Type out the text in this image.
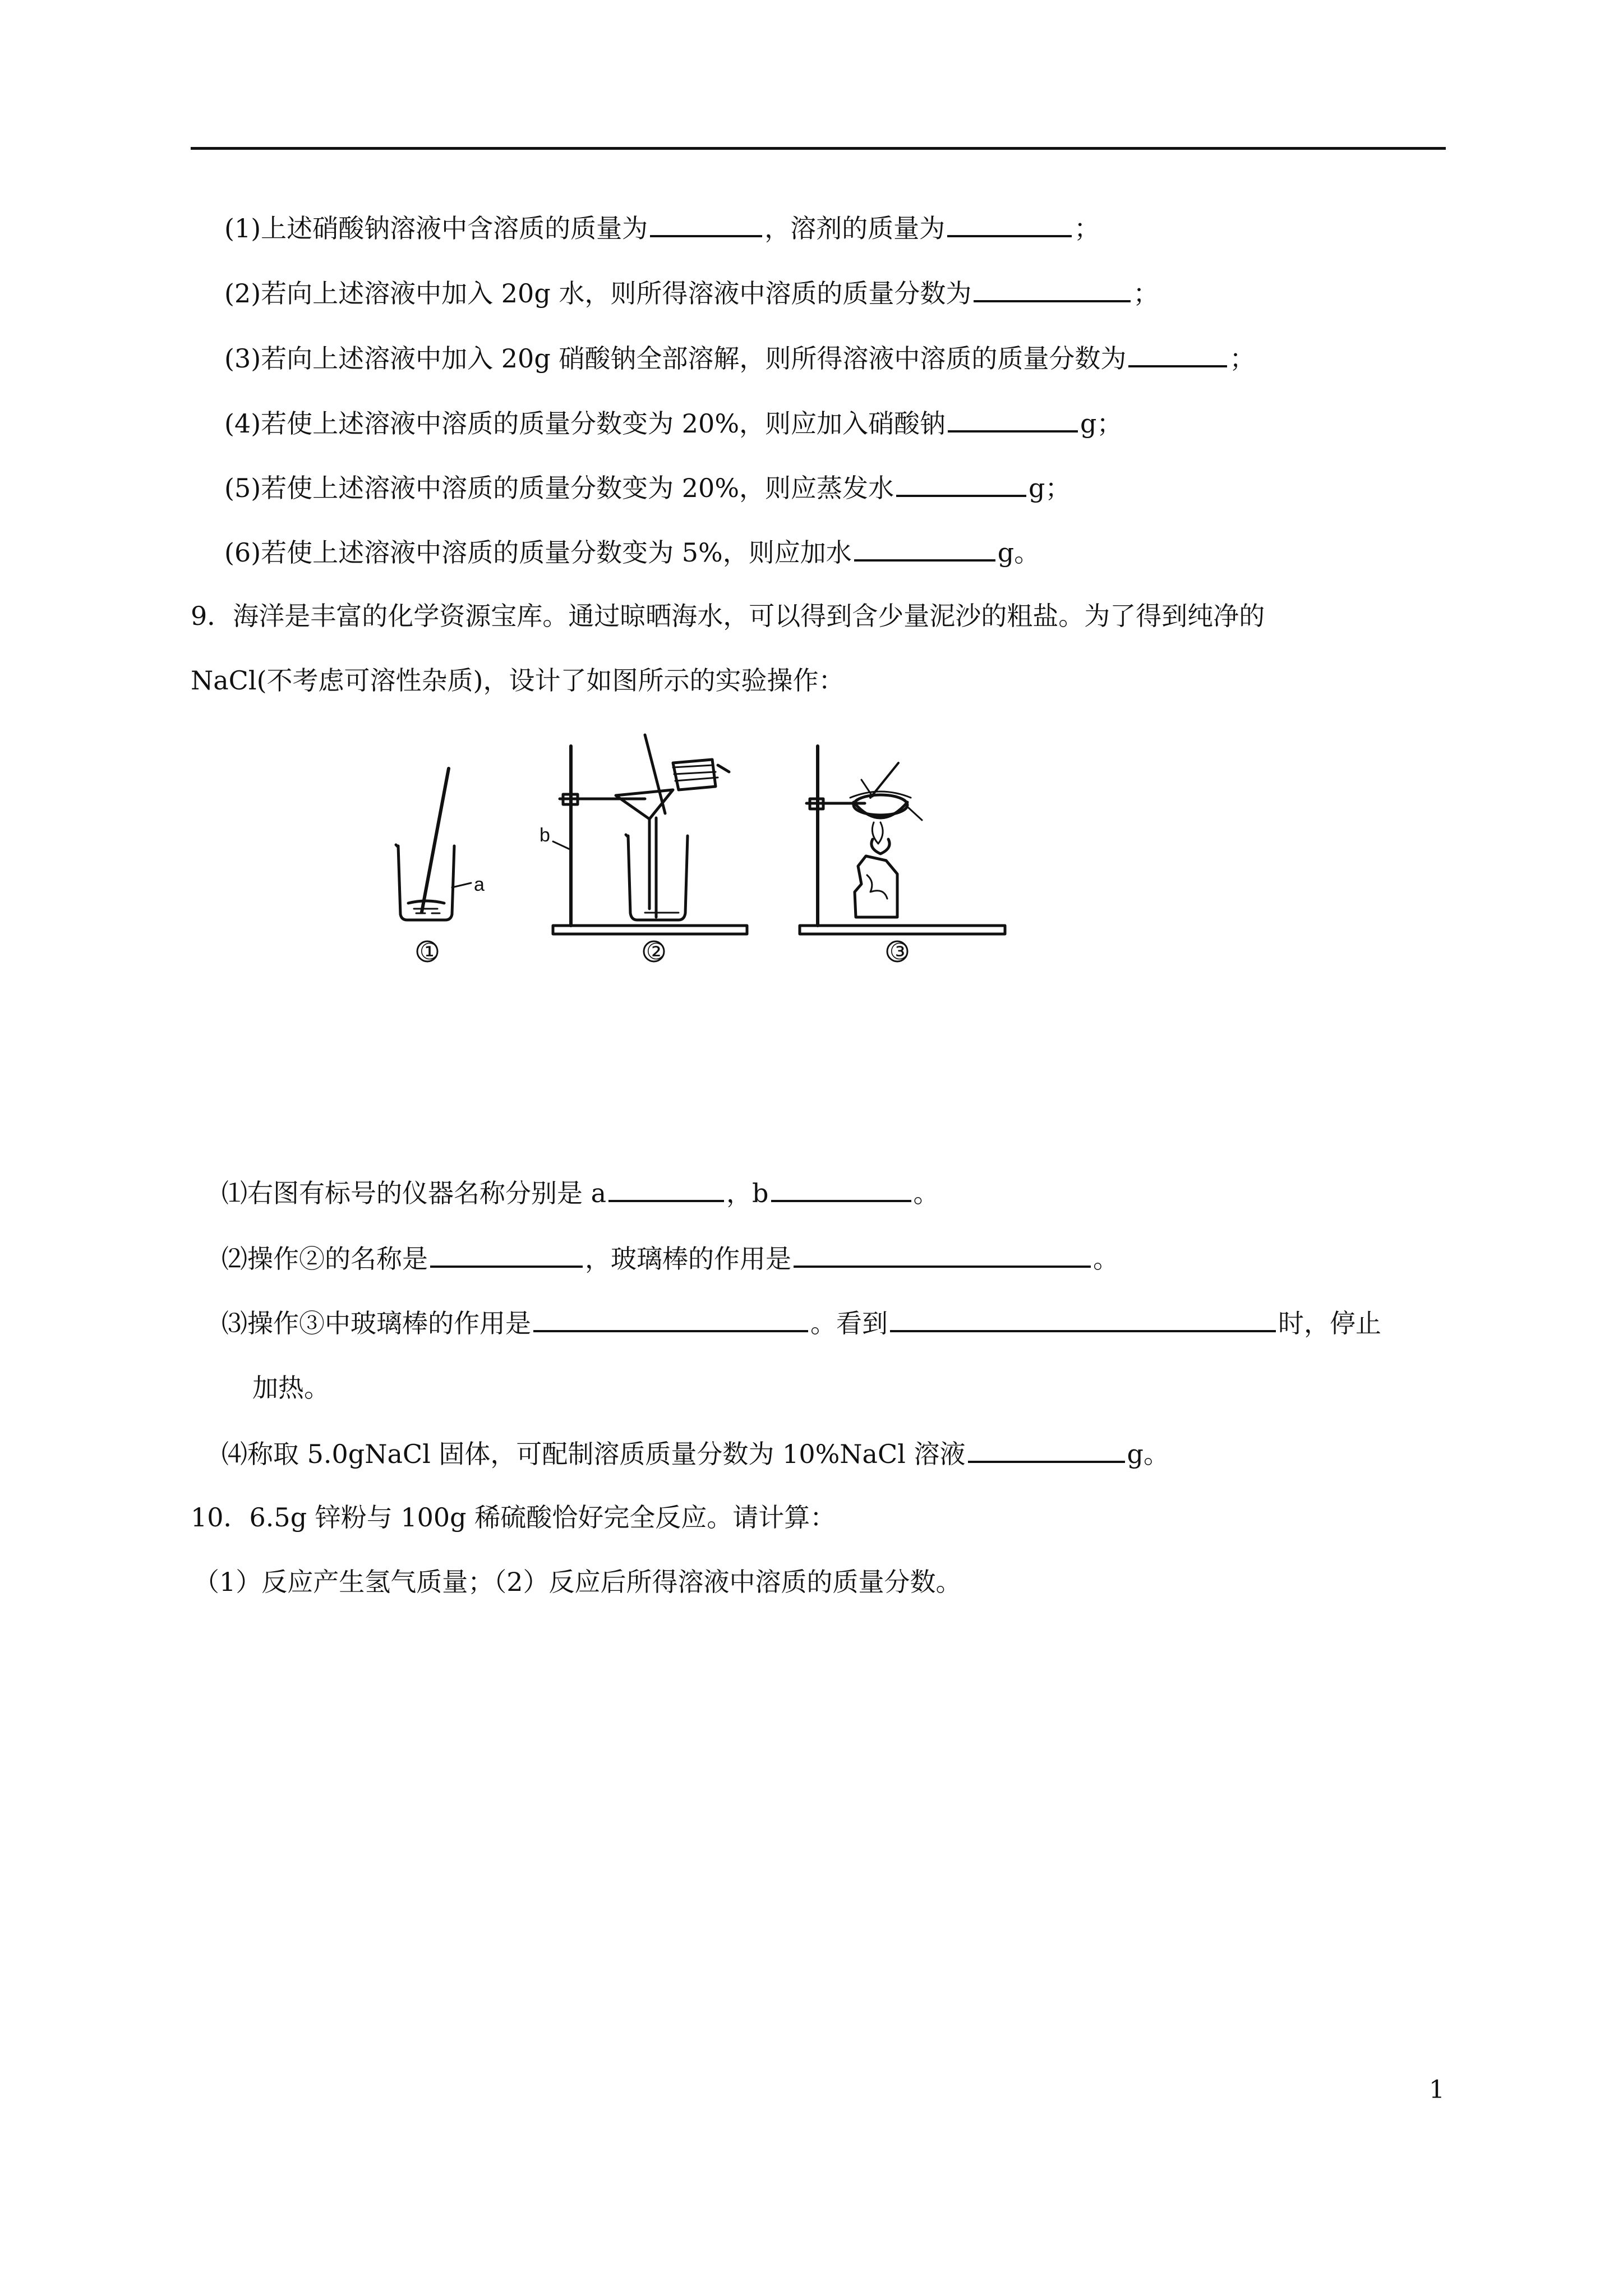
(1)上述硝酸钠溶液中含溶质的质量为	，溶剂的质量为	；
(2)若向上述溶液中加入 20g 水，则所得溶液中溶质的质量分数为	；
(3)若向上述溶液中加入 20g 硝酸钠全部溶解，则所得溶液中溶质的质量分数为	；
(4)若使上述溶液中溶质的质量分数变为 20%，则应加入硝酸钠	g；
(5)若使上述溶液中溶质的质量分数变为 20%，则应蒸发水	g；
(6)若使上述溶液中溶质的质量分数变为 5%，则应加水	g。
9．海洋是丰富的化学资源宝库。通过晾晒海水，可以得到含少量泥沙的粗盐。为了得到纯净的
NaCl(不考虑可溶性杂质)，设计了如图所示的实验操作：
a
①
b
②	③
⑴右图有标号的仪器名称分别是 a	，b	。
⑵操作②的名称是	，玻璃棒的作用是	。
⑶操作③中玻璃棒的作用是	。看到	时，停止
加热。
⑷称取 5.0gNaCl 固体，可配制溶质质量分数为 10%NaCl 溶液	g。
10．6.5g 锌粉与 100g 稀硫酸恰好完全反应。请计算：
（1）反应产生氢气质量；（2）反应后所得溶液中溶质的质量分数。
1
